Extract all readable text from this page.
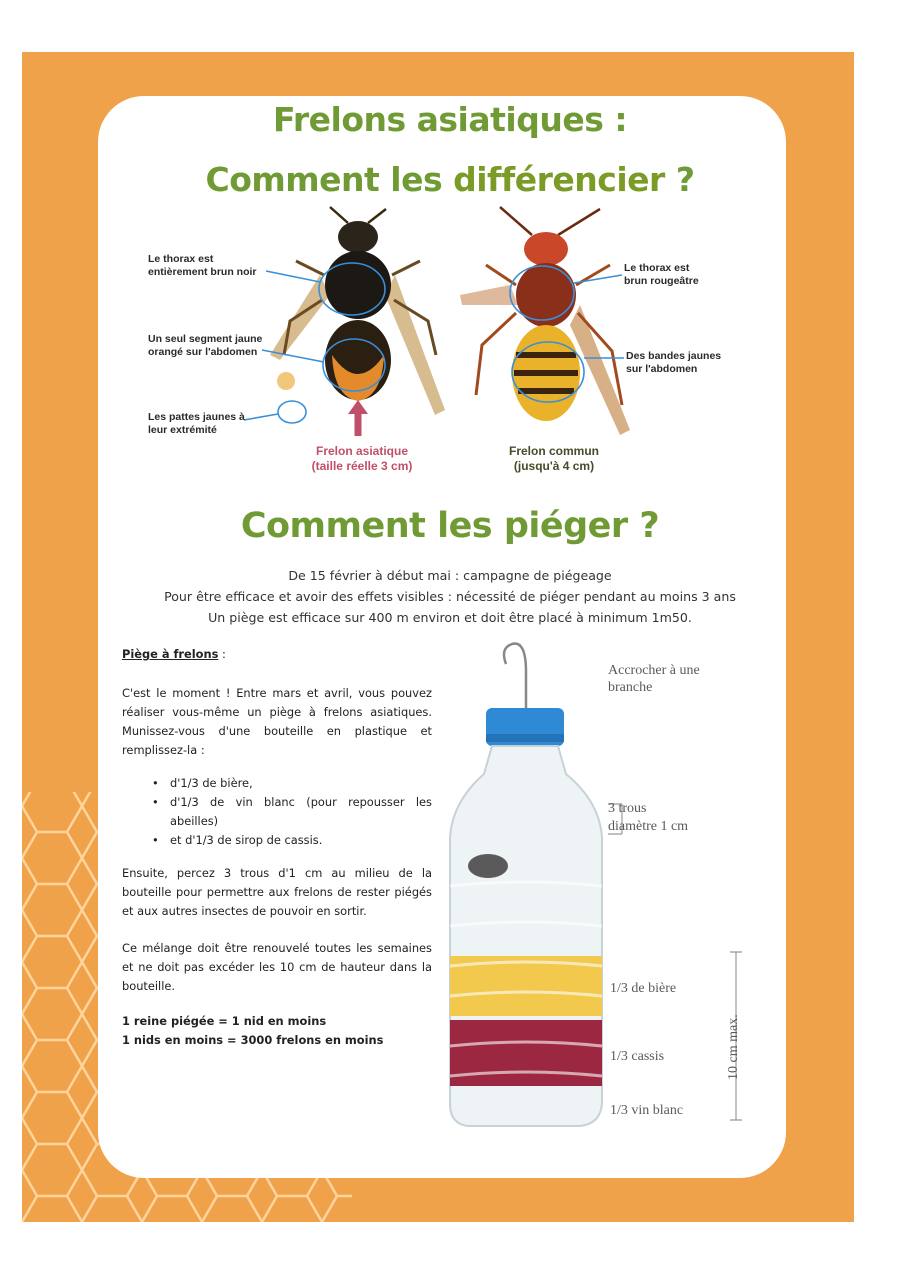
Frelons asiatiques :
Comment les différencier ?
Le thorax est entièrement brun noir
Un seul segment jaune orangé sur l'abdomen
Les pattes jaunes à leur extrémité
Le thorax est brun rougeâtre
Des bandes jaunes sur l'abdomen
Frelon asiatique
(taille réelle 3 cm)
Frelon commun
(jusqu'à 4 cm)
Comment les piéger ?
De 15 février à début mai : campagne de piégeage
Pour être efficace et avoir des effets visibles : nécessité de piéger pendant au moins 3 ans
Un piège est efficace sur 400 m environ et doit être placé à minimum 1m50.
Piège à frelons :
C'est le moment ! Entre mars et avril, vous pouvez réaliser vous-même un piège à frelons asiatiques. Munissez-vous d'une bouteille en plastique et remplissez-la :
• d'1/3 de bière,
• d'1/3 de vin blanc (pour repousser les abeilles)
• et d'1/3 de sirop de cassis.
Ensuite, percez 3 trous d'1 cm au milieu de la bouteille pour permettre aux frelons de rester piégés et aux autres insectes de pouvoir en sortir.
Ce mélange doit être renouvelé toutes les semaines et ne doit pas excéder les 10 cm de hauteur dans la bouteille.
1 reine piégée = 1 nid en moins
1 nids en moins = 3000 frelons en moins
Accrocher à une branche
3 trous
diamètre 1 cm
1/3 de bière
1/3 cassis
1/3 vin blanc
10 cm max.
